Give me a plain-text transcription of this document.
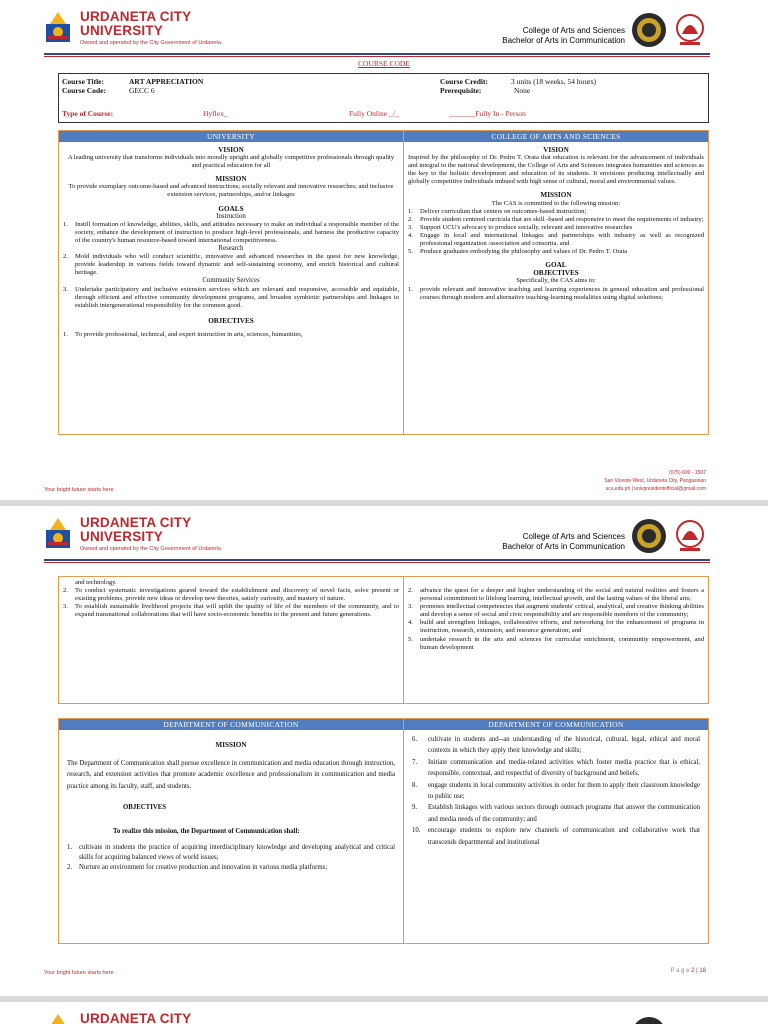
URDANETA CITY
UNIVERSITY
Owned and operated by the City Government of Urdaneta
College of Arts and Sciences
Bachelor of Arts in Communication
COURSE CODE
Course Title:	ART APPRECIATION
Course Code:	GECC 6
Course Credit:	3 units (18 weeks, 54 hours)
Prerequisite:	None
Type of Course:	Hyflex_	Fully Online _/_	_______Fully In - Person
UNIVERSITY
VISION
A leading university that transforms individuals into morally upright and globally competitive professionals through quality and practical education for all
MISSION
To provide exemplary outcome-based and advanced instructions; socially relevant and innovative researches; and inclusive extension services, partnerships, and/or linkages
GOALS
Instruction
1.	Instill formation of knowledge, abilities, skills, and attitudes necessary to make an individual a responsible member of the society, enhance the development of instruction to produce high-level professionals, and harness the productive capacity of the country's human resource-based toward international competitiveness.
Research
2.	Mold individuals who will conduct scientific, innovative and advanced researches in the quest for new knowledge, provide leadership in various fields toward dynamic and self-sustaining economy, and enrich historical and cultural heritage.
Community Services
3.	Undertake participatory and inclusive extension services which are relevant and responsive, accessible and equitable, through efficient and effective community development programs, and broaden symbiotic partnerships and linkages to establish intergenerational responsibility for the common good.
OBJECTIVES
1.	To provide professional, technical, and expert instruction in arts, sciences, humanities,
COLLEGE OF ARTS AND SCIENCES
VISION
Inspired by the philosophy of Dr. Pedro T. Orata that education is relevant for the advancement of individuals and integral to the national development, the College of Arts and Sciences integrates humanities and sciences as the key to the holistic development and education of its students. It envisions producing intellectually and globally competitive individuals imbued with high sense of cultural, moral and environmental values.
MISSION
The CAS is committed to the following mission:
1.	Deliver curriculum that centers on outcomes-based instruction;
2.	Provide student centered curricula that are skill -based and responsive to meet the requirements of industry;
3.	Support UCU's advocacy to produce socially, relevant and innovative researches
4.	Engage in local and international linkages and partnerships with industry as well as recognized professional organization /association and consortia. and
5.	Produce graduates embodying the philosophy and values of Dr. Pedro T. Orata
GOAL
OBJECTIVES
Specifically, the CAS aims to:
1.	provide relevant and innovative teaching and learning experiences in general education and professional courses through modern and alternative teaching-learning modalities using digital solutions;
Your bright future starts here
(075) 600 - 1507
San Vicente West, Urdaneta City, Pangasinan
ucu.edu.ph | univpresidentofficial@gmail.com
URDANETA CITY
UNIVERSITY
Owned and operated by the City Government of Urdaneta
College of Arts and Sciences
Bachelor of Arts in Communication
and technology.
2.	To conduct systematic investigations geared toward the establishment and discovery of novel facts, solve present or existing problems, provide new ideas or develop new theories, satisfy curiosity, and mastery of nature.
3.	To establish sustainable livelihood projects that will uplift the quality of life of the members of the community, and to expand transnational collaborations that will have socio-economic benefits to the present and future generations.
2.	advance the quest for a deeper and higher understanding of the social and natural realities and fosters a personal commitment to lifelong learning, intellectual growth, and the lasting values of the liberal arts;
3.	promotes intellectual competencies that augment students' critical, analytical, and creative thinking abilities and develop a sense of social and civic responsibility and are responsible members of the community;
4.	build and strengthen linkages, collaborative efforts, and networking for the enhancement of programs in instruction, research, extension, and resource generation; and
5.	undertake research in the arts and sciences for curricular enrichment, community empowerment, and human development
DEPARTMENT OF COMMUNICATION
MISSION
The Department of Communication shall pursue excellence in communication and media education through instruction, research, and extension activities that promote academic excellence and professionalism in communication and media practice among its faculty, staff, and students.
OBJECTIVES
To realize this mission, the Department of Communication shall:
1.	cultivate in students the practice of acquiring interdisciplinary knowledge and developing analytical and critical skills for acquiring balanced views of world issues;
2.	Nurture an environment for creative production and innovation in various media platforms;
DEPARTMENT OF COMMUNICATION
6.	cultivate in students and--an understanding of the historical, cultural, legal, ethical and moral contexts in which they apply their knowledge and skills;
7.	Initiate communication and media-related activities which foster media practice that is ethical, responsible, contextual, and respectful of diversity of background and beliefs.
8.	engage students in local community activities in order for them to apply their classroom knowledge to public use;
9.	Establish linkages with various sectors through outreach programs that answer the communication and media needs of the community; and
10.	encourage students to explore new channels of communication and collaborative work that transcends departmental and institutional
Your bright future starts here	P a g e 2 | 18
URDANETA CITY
